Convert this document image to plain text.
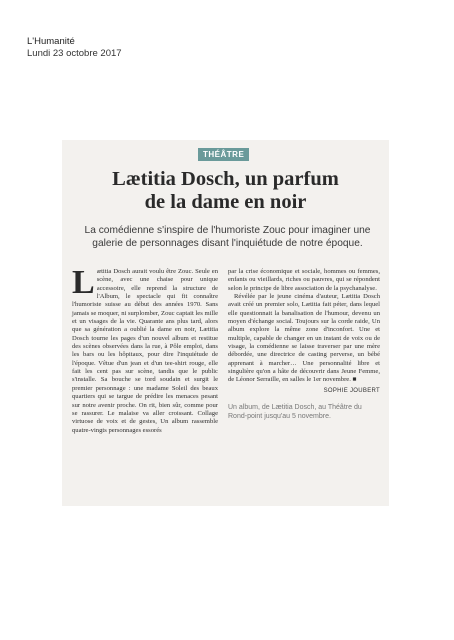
L'Humanité
Lundi 23 octobre 2017
THÉÂTRE
Lætitia Dosch, un parfum
de la dame en noir
La comédienne s'inspire de l'humoriste Zouc pour imaginer une galerie de personnages disant l'inquiétude de notre époque.
L ætitia Dosch aurait voulu être Zouc. Seule en scène, avec une chaise pour unique accessoire, elle reprend la structure de l'Album, le spectacle qui fit connaître l'humoriste suisse au début des années 1970. Sans jamais se moquer, ni surplomber, Zouc captait les mille et un visages de la vie. Quarante ans plus tard, alors que sa génération a oublié la dame en noir, Lætitia Dosch tourne les pages d'un nouvel album et restitue des scènes observées dans la rue, à Pôle emploi, dans les bars ou les hôpitaux, pour dire l'inquiétude de l'époque. Vêtue d'un jean et d'un tee-shirt rouge, elle fait les cent pas sur scène, tandis que le public s'installe. Sa bouche se tord soudain et surgit le premier personnage : une madame Soleil des beaux quartiers qui se targue de prédire les menaces pesant sur notre avenir proche. On rit, bien sûr, comme pour se rassurer. Le malaise va aller croissant. Collage virtuose de voix et de gestes, Un album rassemble quatre-vingts personnages essorés

par la crise économique et sociale, hommes ou femmes, enfants ou vieillards, riches ou pauvres, qui se répondent selon le principe de libre association de la psychanalyse.

Révélée par le jeune cinéma d'auteur, Lætitia Dosch avait créé un premier solo, Lætitia fait péter, dans lequel elle questionnait la banalisation de l'humour, devenu un moyen d'échange social. Toujours sur la corde raide, Un album explore la même zone d'inconfort. Une et multiple, capable de changer en un instant de voix ou de visage, la comédienne se laisse traverser par une mère débordée, une directrice de casting perverse, un bébé apprenant à marcher… Une personnalité libre et singulière qu'on a hâte de découvrir dans Jeune Femme, de Léonor Serraille, en salles le 1er novembre. ■

SOPHIE JOUBERT
Un album, de Lætitia Dosch, au Théâtre du Rond-point jusqu'au 5 novembre.
